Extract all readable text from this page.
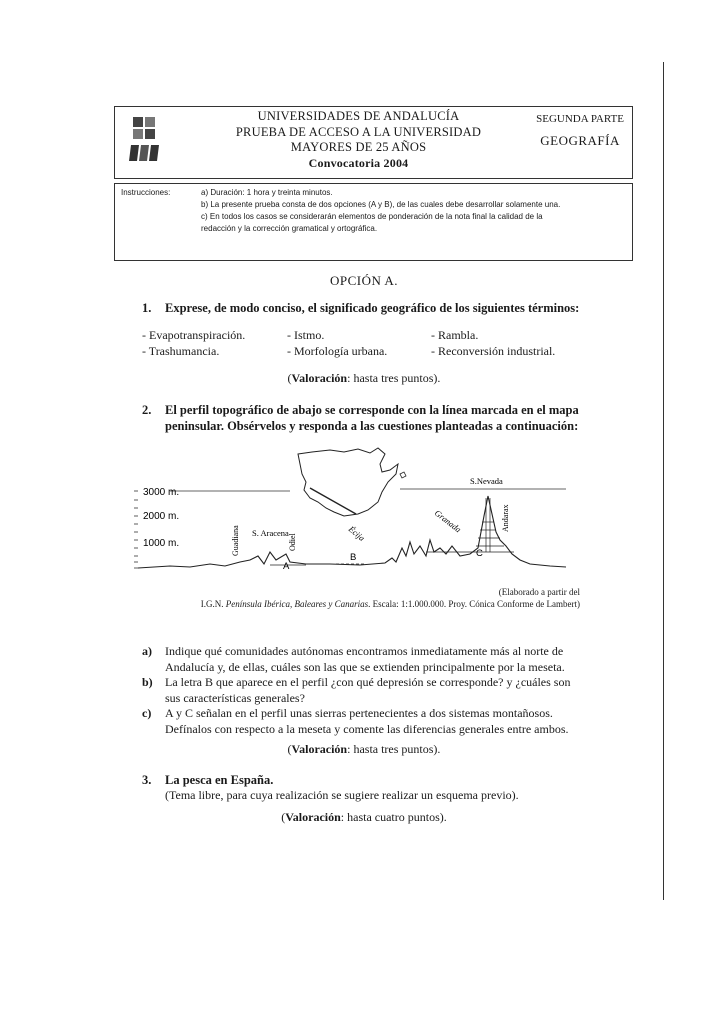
UNIVERSIDADES DE ANDALUCÍA
PRUEBA DE ACCESO A LA UNIVERSIDAD
MAYORES DE 25 AÑOS
Convocatoria 2004
SEGUNDA PARTE
GEOGRAFÍA
Instrucciones:	a) Duración: 1 hora y treinta minutos.
b) La presente prueba consta de dos opciones (A y B), de las cuales debe desarrollar solamente una.
c) En todos los casos se considerarán elementos de ponderación de la nota final la calidad de la
redacción y la corrección gramatical y ortográfica.
OPCIÓN A.
1. Exprese, de modo conciso, el significado geográfico de los siguientes términos:
- Evapotranspiración.
- Trashumancia.
- Istmo.
- Morfología urbana.
- Rambla.
- Reconversión industrial.
(Valoración: hasta tres puntos).
2. El perfil topográfico de abajo se corresponde con la línea marcada en el mapa
peninsular. Obsérvelos y responda a las cuestiones planteadas a continuación:
3000 m.
2000 m.
1000 m.	Guadiana S. Aracena
Odiel	Écija	Granada
S.Nevada
Andarax
A
B	C
(Elaborado a partir del
I.G.N. Península Ibérica, Baleares y Canarias. Escala: 1:1.000.000. Proy. Cónica Conforme de Lambert)
a) Indique qué comunidades autónomas encontramos inmediatamente más al norte de
Andalucía y, de ellas, cuáles son las que se extienden principalmente por la meseta.
b) La letra B que aparece en el perfil ¿con qué depresión se corresponde? y ¿cuáles son
sus características generales?
c) A y C señalan en el perfil unas sierras pertenecientes a dos sistemas montañosos.
Defínalos con respecto a la meseta y comente las diferencias generales entre ambos.
(Valoración: hasta tres puntos).
3. La pesca en España.
(Tema libre, para cuya realización se sugiere realizar un esquema previo).
(Valoración: hasta cuatro puntos).
